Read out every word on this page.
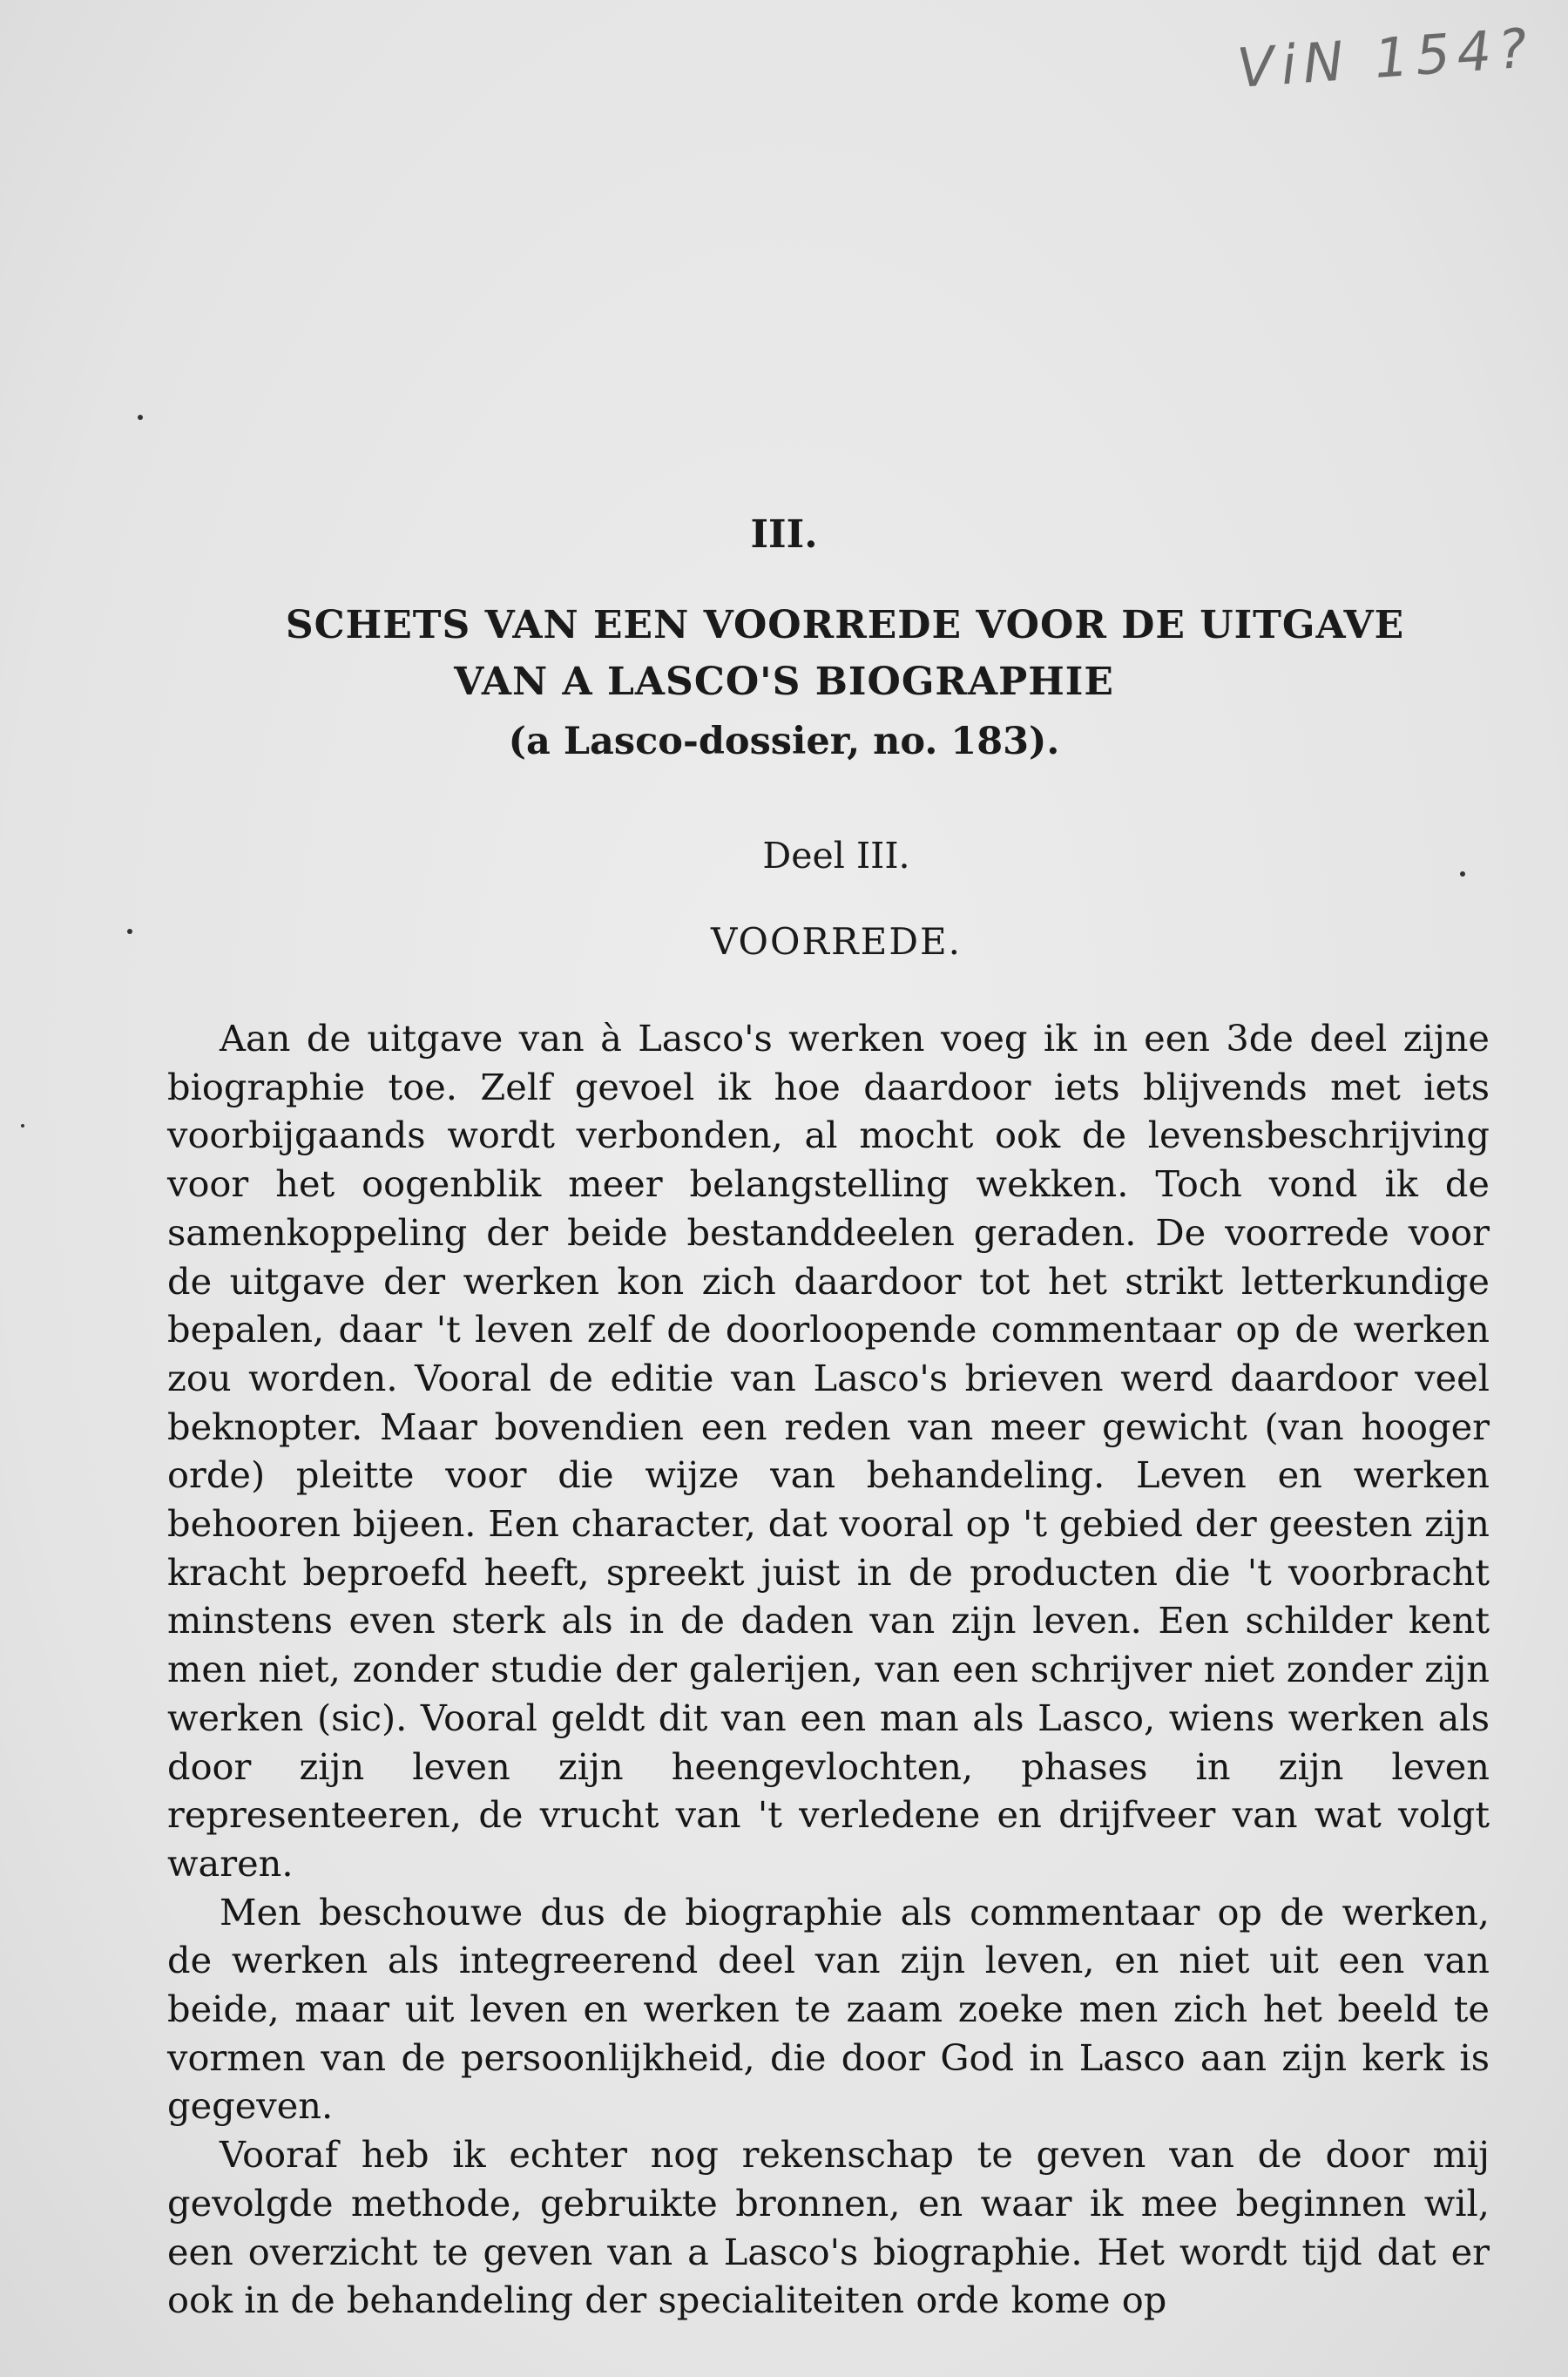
ViN 154?
III.
SCHETS VAN EEN VOORREDE VOOR DE UITGAVE
VAN A LASCO'S BIOGRAPHIE
(a Lasco-dossier, no. 183).
Deel III.
VOORREDE.

Aan de uitgave van à Lasco's werken voeg ik in een 3de deel zijne biographie toe. Zelf gevoel ik hoe daardoor iets blijvends met iets voorbijgaands wordt verbonden, al mocht ook de levensbeschrijving voor het oogenblik meer belangstelling wekken. Toch vond ik de samenkoppeling der beide bestanddeelen geraden. De voorrede voor de uitgave der werken kon zich daardoor tot het strikt letterkundige bepalen, daar 't leven zelf de doorloopende commentaar op de werken zou worden. Vooral de editie van Lasco's brieven werd daardoor veel beknopter. Maar bovendien een reden van meer gewicht (van hooger orde) pleitte voor die wijze van behandeling. Leven en werken behooren bijeen. Een character, dat vooral op 't gebied der geesten zijn kracht beproefd heeft, spreekt juist in de producten die 't voorbracht minstens even sterk als in de daden van zijn leven. Een schilder kent men niet, zonder studie der galerijen, van een schrijver niet zonder zijn werken (sic). Vooral geldt dit van een man als Lasco, wiens werken als door zijn leven zijn heengevlochten, phases in zijn leven representeeren, de vrucht van 't verledene en drijfveer van wat volgt waren.

Men beschouwe dus de biographie als commentaar op de werken, de werken als integreerend deel van zijn leven, en niet uit een van beide, maar uit leven en werken te zaam zoeke men zich het beeld te vormen van de persoonlijkheid, die door God in Lasco aan zijn kerk is gegeven.

Vooraf heb ik echter nog rekenschap te geven van de door mij gevolgde methode, gebruikte bronnen, en waar ik mee beginnen wil, een overzicht te geven van a Lasco's biographie. Het wordt tijd dat er ook in de behandeling der specialiteiten orde kome op
